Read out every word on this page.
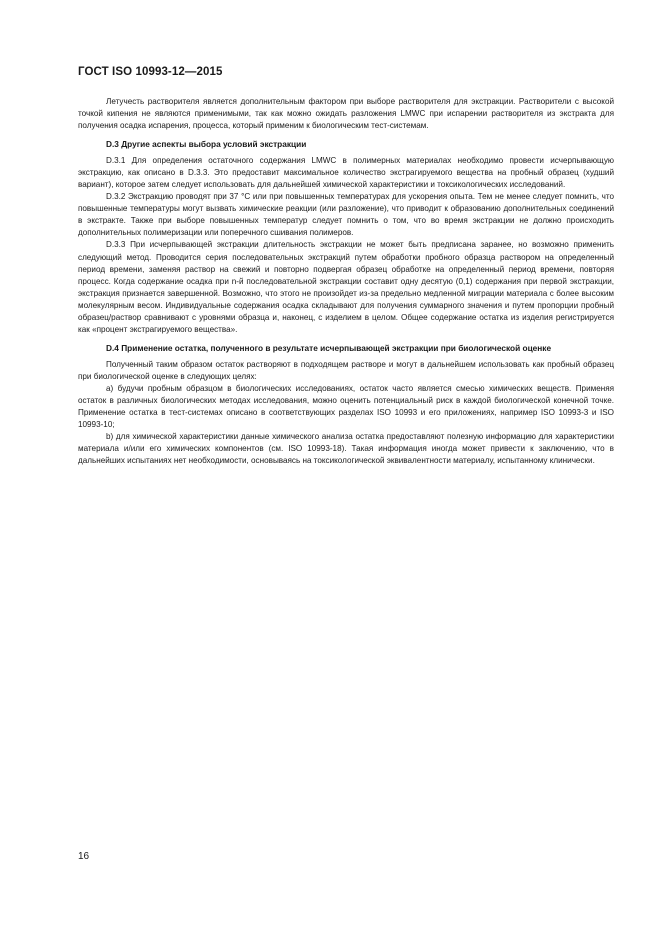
ГОСТ ISO 10993-12—2015

Летучесть растворителя является дополнительным фактором при выборе растворителя для экстракции. Растворители с высокой точкой кипения не являются применимыми, так как можно ожидать разложения LMWC при испарении растворителя из экстракта для получения осадка испарения, процесса, который применим к биологическим тест-системам.

D.3 Другие аспекты выбора условий экстракции

D.3.1 Для определения остаточного содержания LMWC в полимерных материалах необходимо провести исчерпывающую экстракцию, как описано в D.3.3. Это предоставит максимальное количество экстрагируемого вещества на пробный образец (худший вариант), которое затем следует использовать для дальнейшей химической характеристики и токсикологических исследований.

D.3.2 Экстракцию проводят при 37 °С или при повышенных температурах для ускорения опыта. Тем не менее следует помнить, что повышенные температуры могут вызвать химические реакции (или разложение), что приводит к образованию дополнительных соединений в экстракте. Также при выборе повышенных температур следует помнить о том, что во время экстракции не должно происходить дополнительных полимеризации или поперечного сшивания полимеров.

D.3.3 При исчерпывающей экстракции длительность экстракции не может быть предписана заранее, но возможно применить следующий метод. Проводится серия последовательных экстракций путем обработки пробного образца раствором на определенный период времени, заменяя раствор на свежий и повторно подвергая образец обработке на определенный период времени, повторяя процесс. Когда содержание осадка при n-й последовательной экстракции составит одну десятую (0,1) содержания при первой экстракции, экстракция признается завершенной. Возможно, что этого не произойдет из-за предельно медленной миграции материала с более высоким молекулярным весом. Индивидуальные содержания осадка складывают для получения суммарного значения и путем пропорции пробный образец/раствор сравнивают с уровнями образца и, наконец, с изделием в целом. Общее содержание остатка из изделия регистрируется как «процент экстрагируемого вещества».

D.4 Применение остатка, полученного в результате исчерпывающей экстракции при биологической оценке

Полученный таким образом остаток растворяют в подходящем растворе и могут в дальнейшем использовать как пробный образец при биологической оценке в следующих целях:

а) будучи пробным образцом в биологических исследованиях, остаток часто является смесью химических веществ. Применяя остаток в различных биологических методах исследования, можно оценить потенциальный риск в каждой биологической конечной точке. Применение остатка в тест-системах описано в соответствующих разделах ISO 10993 и его приложениях, например ISO 10993-3 и ISO 10993-10;

b) для химической характеристики данные химического анализа остатка предоставляют полезную информацию для характеристики материала и/или его химических компонентов (см. ISO 10993-18). Такая информация иногда может привести к заключению, что в дальнейших испытаниях нет необходимости, основываясь на токсикологической эквивалентности материалу, испытанному клинически.

16
